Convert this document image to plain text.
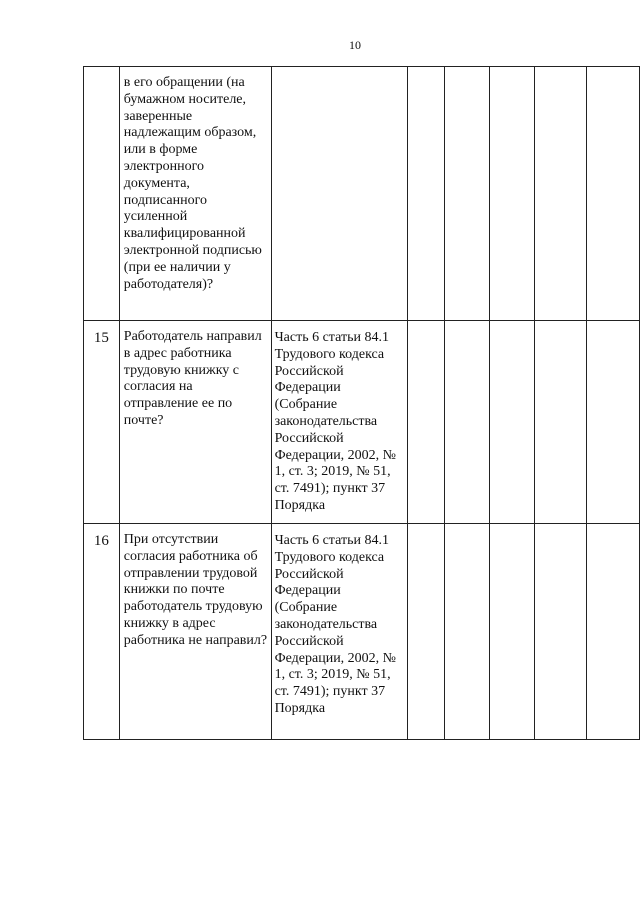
10
	в его обращении (на бумажном носителе, заверенные надлежащим образом, или в форме электронного документа, подписанного усиленной квалифицированной электронной подписью (при ее наличии у работодателя)?						
15	Работодатель направил в адрес работника трудовую книжку с согласия на отправление ее по почте?	Часть 6 статьи 84.1 Трудового кодекса Российской Федерации (Собрание законодательства Российской Федерации, 2002, № 1, ст. 3; 2019, № 51, ст. 7491); пункт 37 Порядка					
16	При отсутствии согласия работника об отправлении трудовой книжки по почте работодатель трудовую книжку в адрес работника не направил?	Часть 6 статьи 84.1 Трудового кодекса Российской Федерации (Собрание законодательства Российской Федерации, 2002, № 1, ст. 3; 2019, № 51, ст. 7491); пункт 37 Порядка					
